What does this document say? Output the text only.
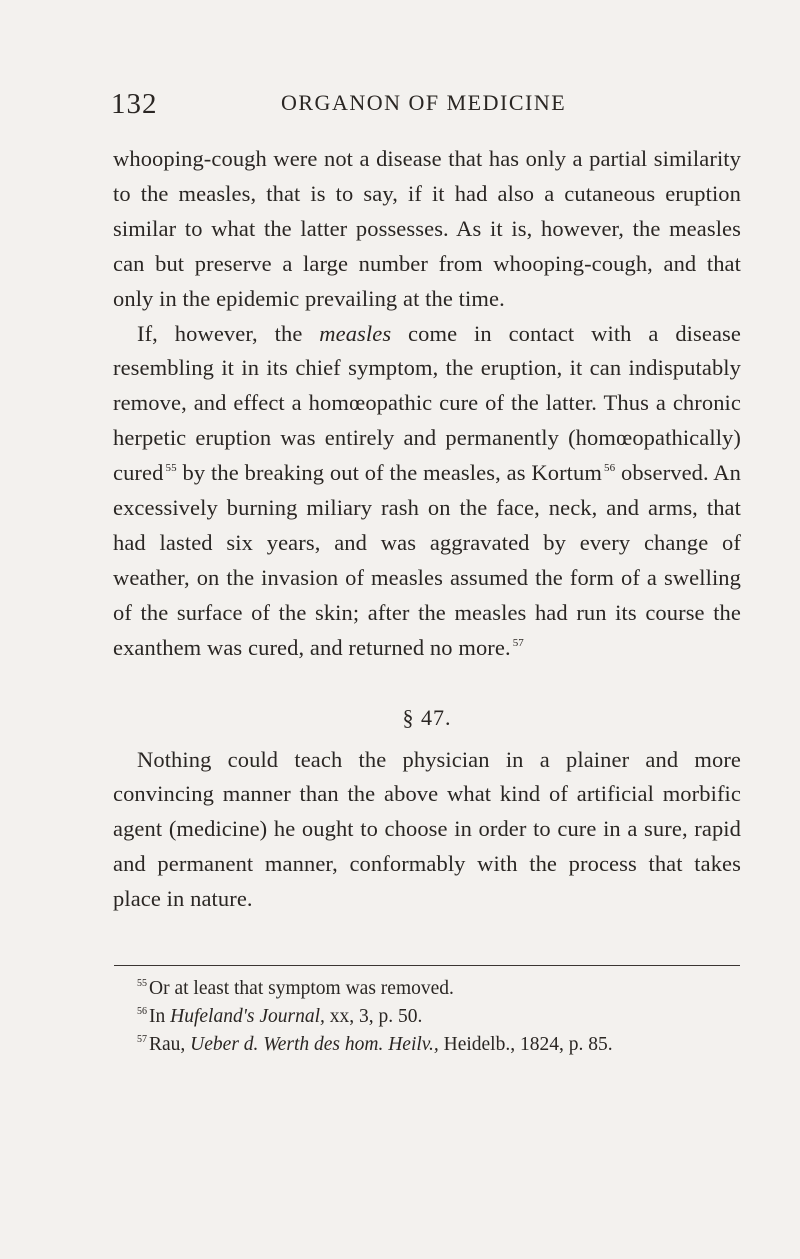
132	ORGANON OF MEDICINE

whooping-cough were not a disease that has only a partial similarity to the measles, that is to say, if it had also a cutaneous eruption similar to what the latter possesses. As it is, however, the measles can but preserve a large number from whooping-cough, and that only in the epidemic prevailing at the time.

If, however, the measles come in contact with a disease resembling it in its chief symptom, the eruption, it can indisputably remove, and effect a homœopathic cure of the latter. Thus a chronic herpetic eruption was entirely and permanently (homœopathically) cured $^{55}$ by the breaking out of the measles, as Kortum $^{56}$ observed. An excessively burning miliary rash on the face, neck, and arms, that had lasted six years, and was aggravated by every change of weather, on the invasion of measles assumed the form of a swelling of the surface of the skin; after the measles had run its course the exanthem was cured, and returned no more. $^{57}$

§ 47.

Nothing could teach the physician in a plainer and more convincing manner than the above what kind of artificial morbific agent (medicine) he ought to choose in order to cure in a sure, rapid and permanent manner, conformably with the process that takes place in nature.

$^{55}$ Or at least that symptom was removed.

$^{56}$ In Hufeland's Journal, xx, 3, p. 50.

$^{57}$ Rau, Ueber d. Werth des hom. Heilv., Heidelb., 1824, p. 85.
